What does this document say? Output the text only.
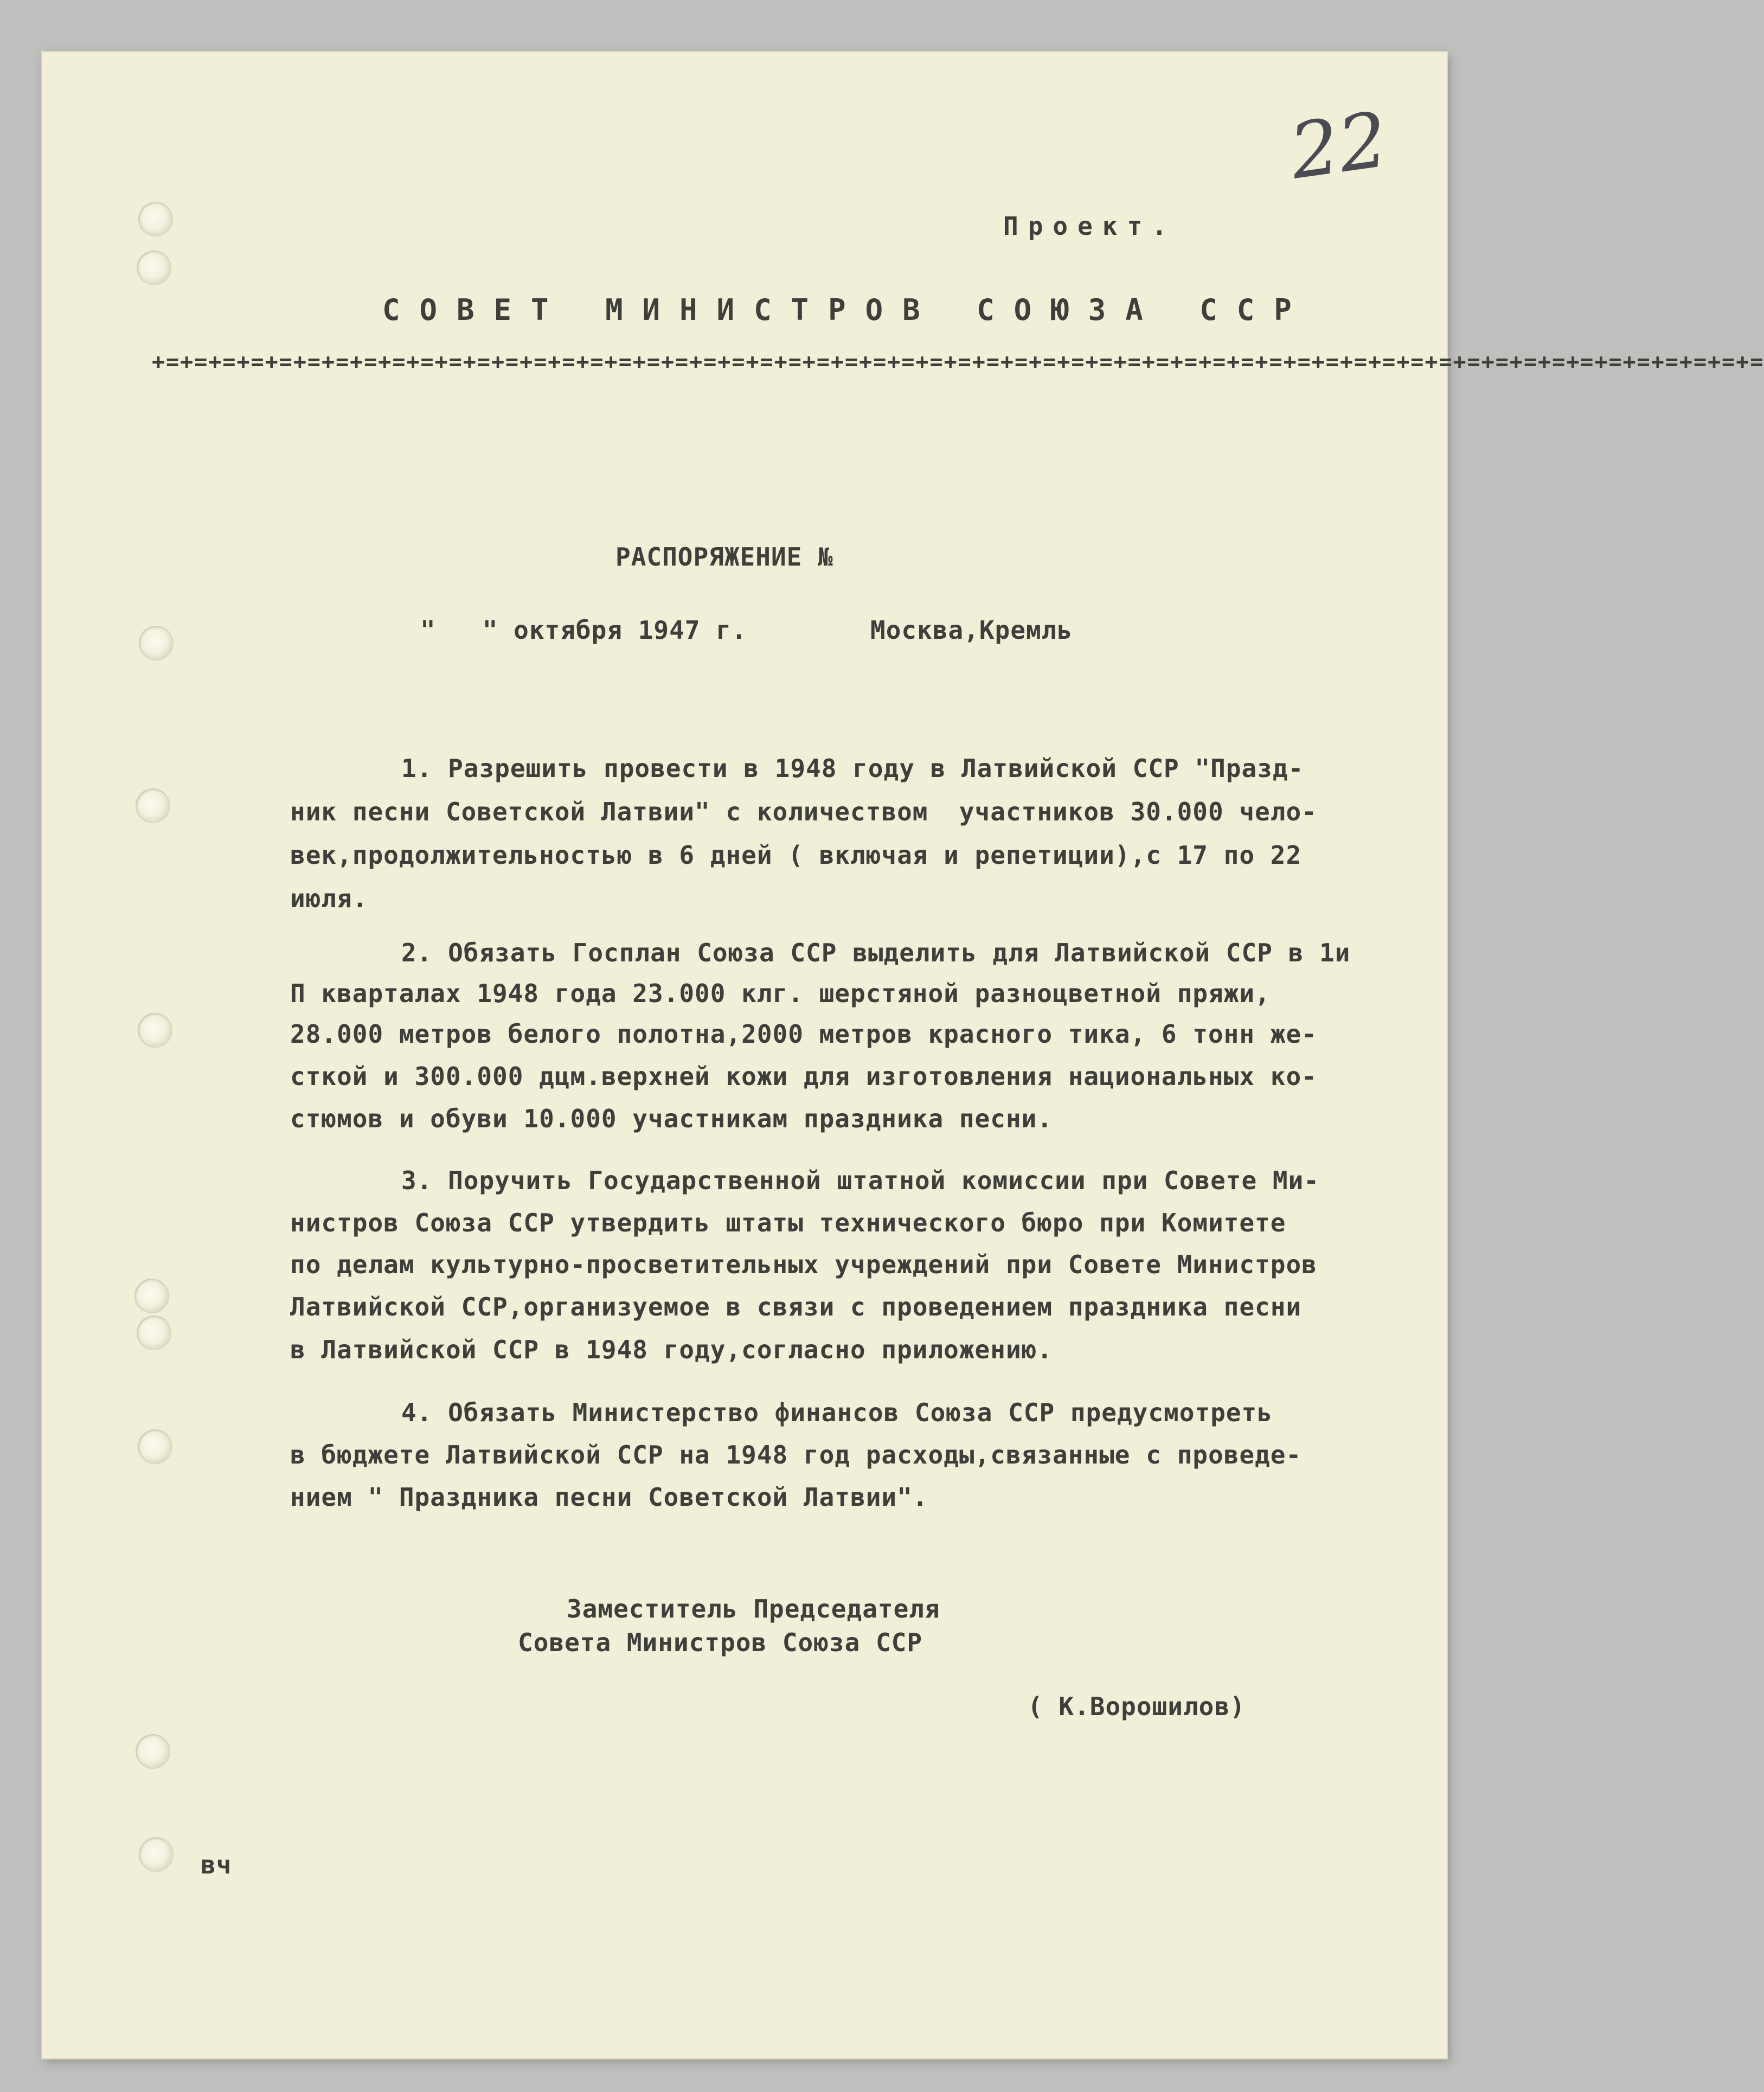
22
Проект.
СОВЕТ МИНИСТРОВ СОЮЗА ССР
+=+=+=+=+=+=+=+=+=+=+=+=+=+=+=+=+=+=+=+=+=+=+=+=+=+=+=+=+=+=+=+=+=+=+=+=+=+=+=+=+=+=+=+=+=+=+=+=+=+=+=+=+=+=+=+=+=
РАСПОРЯЖЕНИЕ №
"   " октября 1947 г.	Москва,Кремль
1. Разрешить провести в 1948 году в Латвийской ССР "Празд-
ник песни Советской Латвии" с количеством  участников 30.000 чело-
век,продолжительностью в 6 дней ( включая и репетиции),с 17 по 22
июля.
2. Обязать Госплан Союза ССР выделить для Латвийской ССР в 1и
П кварталах 1948 года 23.000 клг. шерстяной разноцветной пряжи,
28.000 метров белого полотна,2000 метров красного тика, 6 тонн же-
сткой и 300.000 дцм.верхней кожи для изготовления национальных ко-
стюмов и обуви 10.000 участникам праздника песни.
3. Поручить Государственной штатной комиссии при Совете Ми-
нистров Союза ССР утвердить штаты технического бюро при Комитете
по делам культурно-просветительных учреждений при Совете Министров
Латвийской ССР,организуемое в связи с проведением праздника песни
в Латвийской ССР в 1948 году,согласно приложению.
4. Обязать Министерство финансов Союза ССР предусмотреть
в бюджете Латвийской ССР на 1948 год расходы,связанные с проведе-
нием " Праздника песни Советской Латвии".
Заместитель Председателя
Совета Министров Союза ССР
( К.Ворошилов)
вч
